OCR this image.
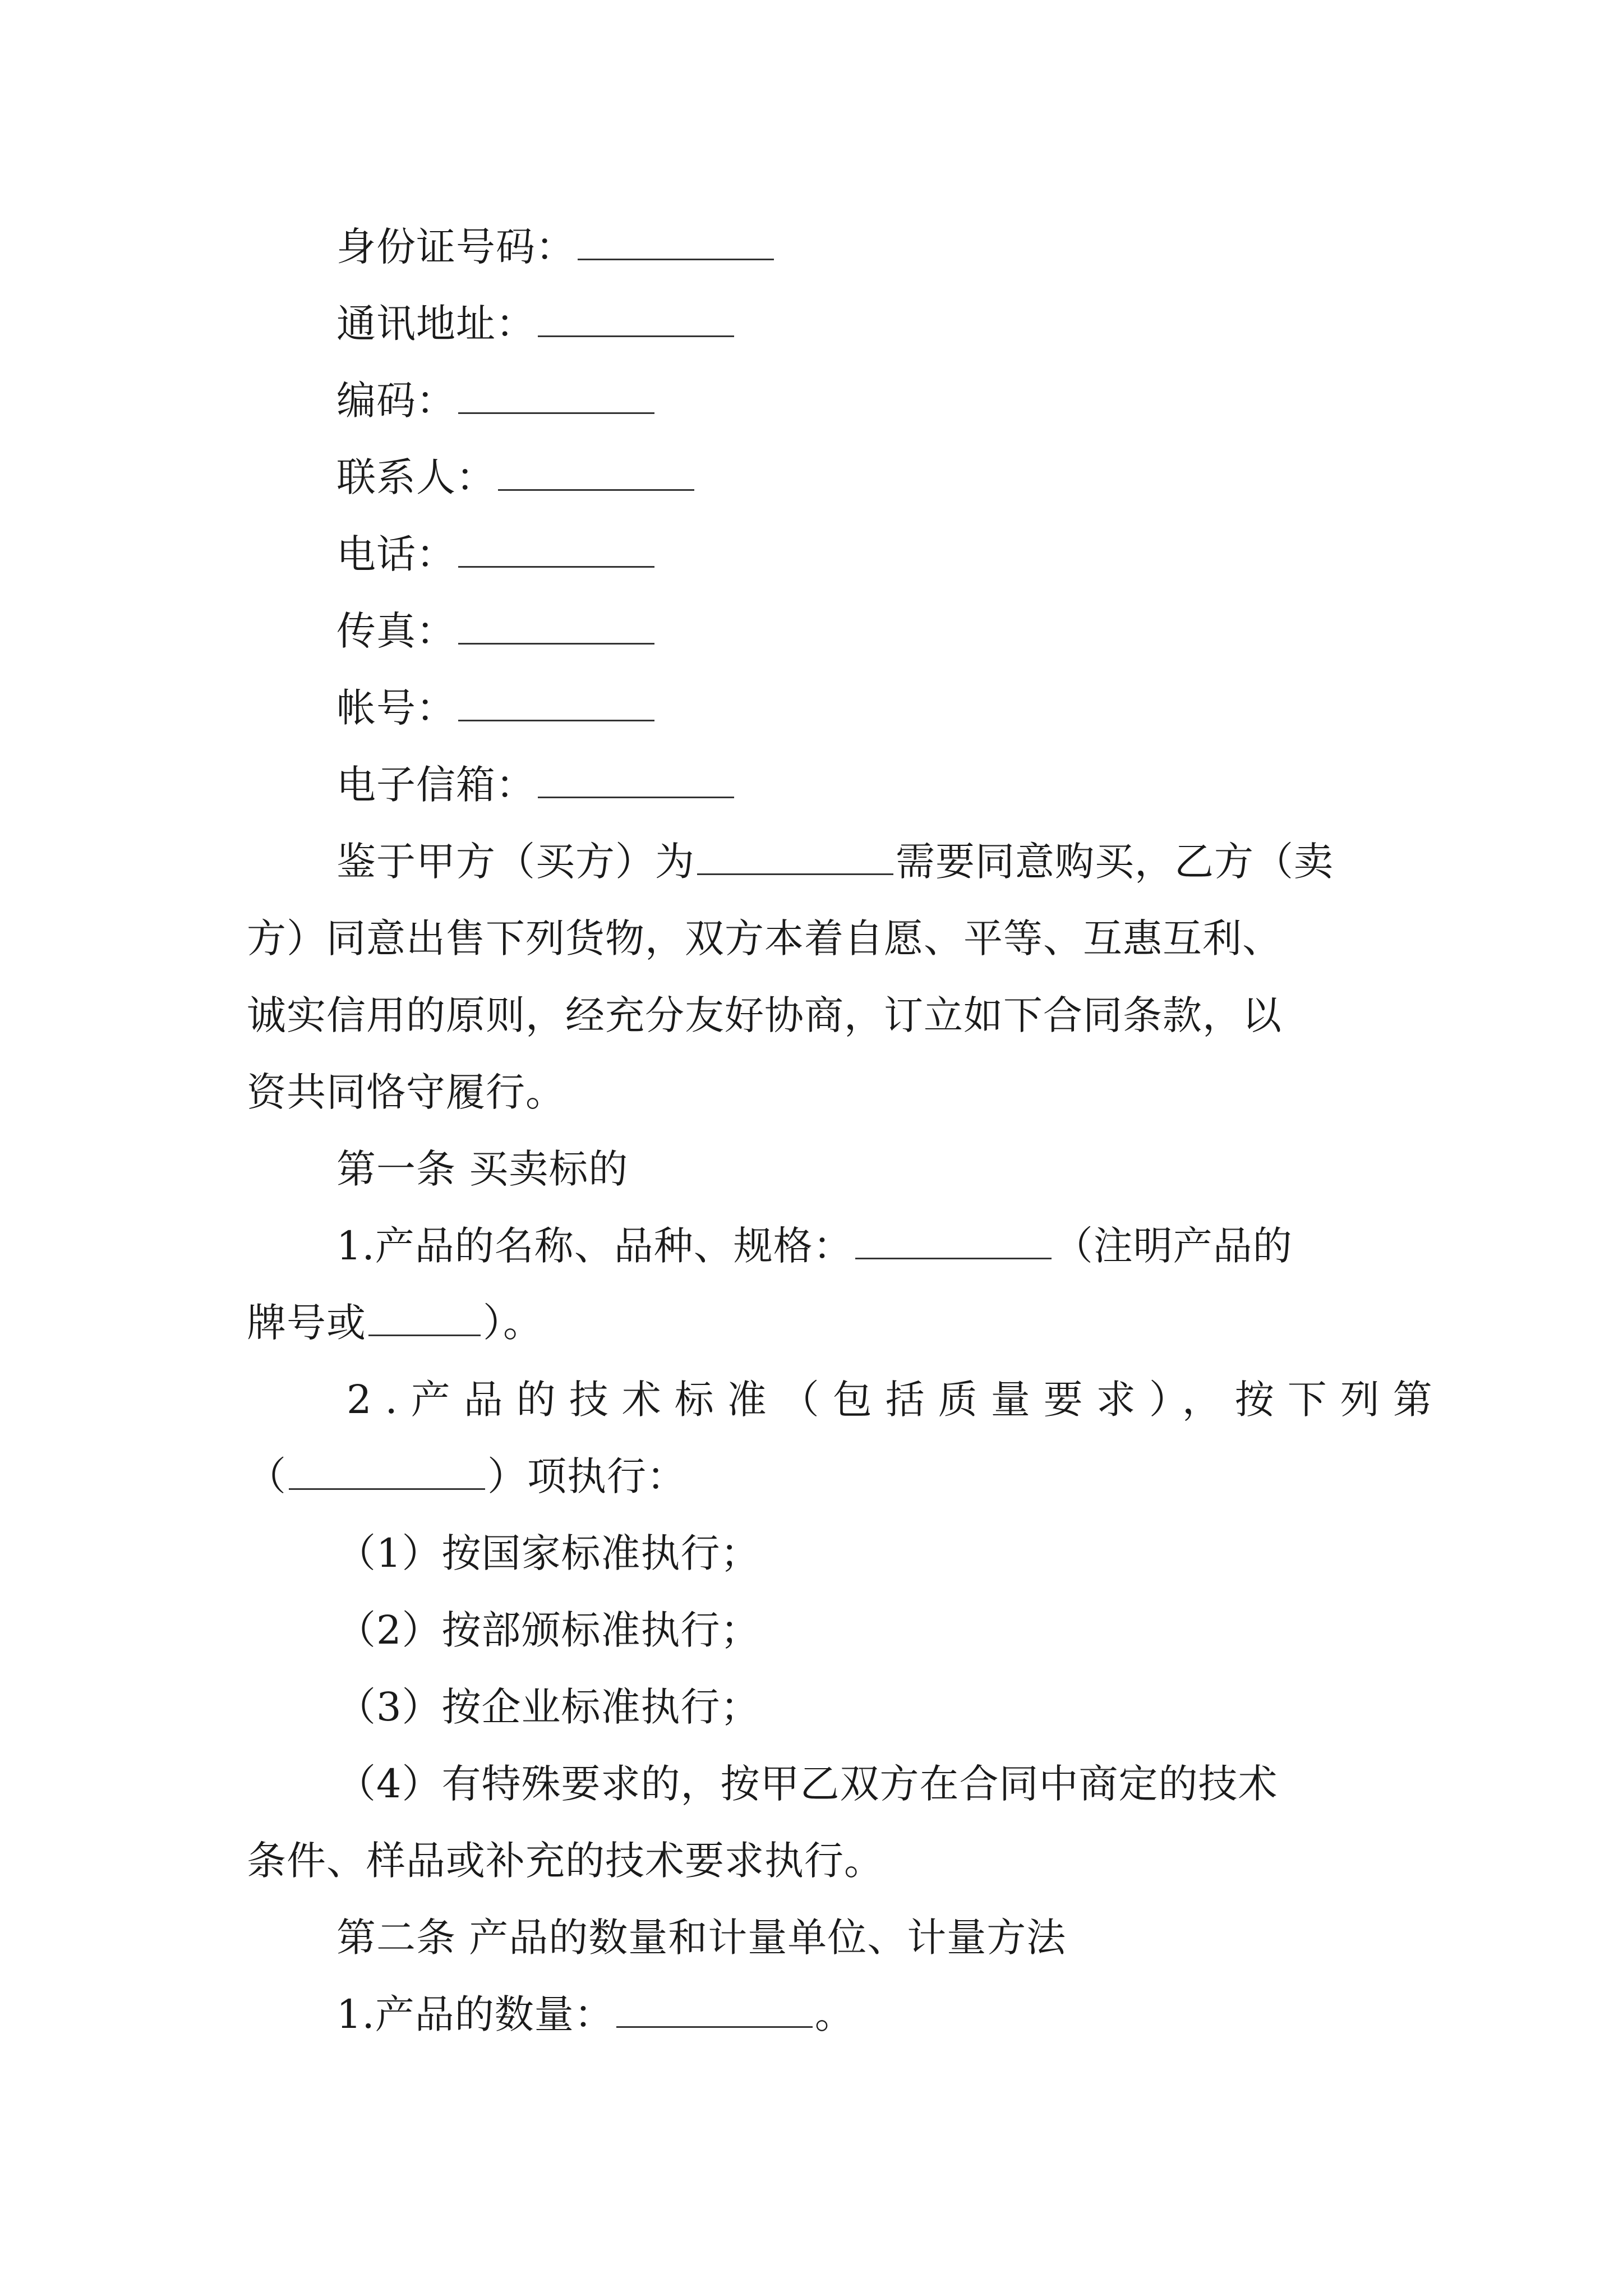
身份证号码：
通讯地址：
编码：
联系人：
电话：
传真：
帐号：
电子信箱：
鉴于甲方（买方）为	需要同意购买，乙方（卖
方）同意出售下列货物，双方本着自愿、平等、互惠互利、
诚实信用的原则，经充分友好协商，订立如下合同条款，以
资共同恪守履行。
第一条 买卖标的
1.产品的名称、品种、规格：	（注明产品的
牌号或	）。
2.产品的技术标准（包括质量要求），按下列第
（	）项执行：
（1）按国家标准执行；
（2）按部颁标准执行；
（3）按企业标准执行；
（4）有特殊要求的，按甲乙双方在合同中商定的技术
条件、样品或补充的技术要求执行。
第二条 产品的数量和计量单位、计量方法
1.产品的数量：	。
